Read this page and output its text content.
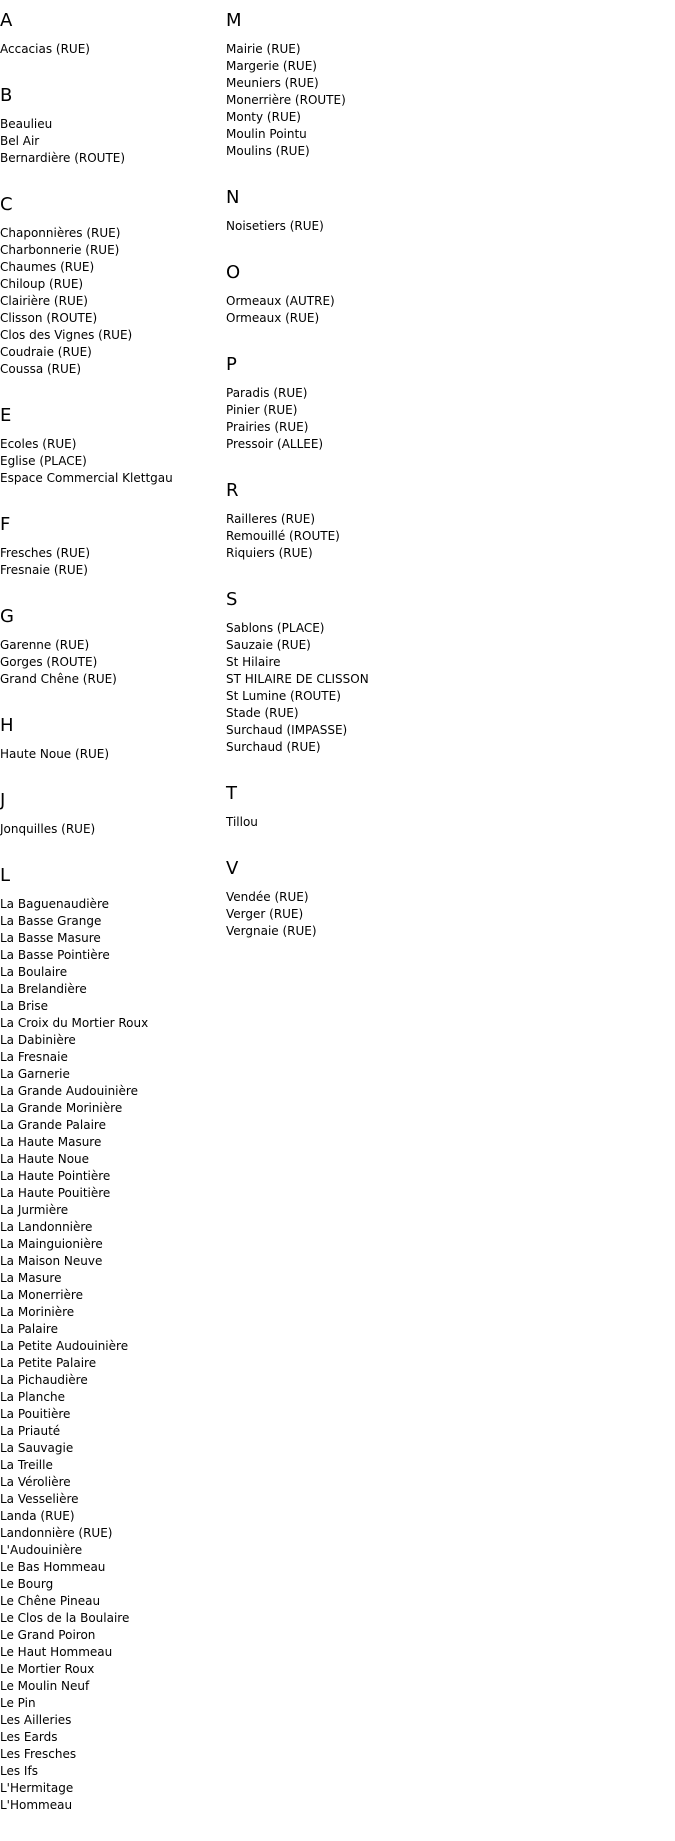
A
Accacias (RUE)
B
Beaulieu
Bel Air
Bernardière (ROUTE)
C
Chaponnières (RUE)
Charbonnerie (RUE)
Chaumes (RUE)
Chiloup (RUE)
Clairière (RUE)
Clisson (ROUTE)
Clos des Vignes (RUE)
Coudraie (RUE)
Coussa (RUE)
E
Ecoles (RUE)
Eglise (PLACE)
Espace Commercial Klettgau
F
Fresches (RUE)
Fresnaie (RUE)
G
Garenne (RUE)
Gorges (ROUTE)
Grand Chêne (RUE)
H
Haute Noue (RUE)
J
Jonquilles (RUE)
L
La Baguenaudière
La Basse Grange
La Basse Masure
La Basse Pointière
La Boulaire
La Brelandière
La Brise
La Croix du Mortier Roux
La Dabinière
La Fresnaie
La Garnerie
La Grande Audouinière
La Grande Morinière
La Grande Palaire
La Haute Masure
La Haute Noue
La Haute Pointière
La Haute Pouitière
La Jurmière
La Landonnière
La Mainguionière
La Maison Neuve
La Masure
La Monerrière
La Morinière
La Palaire
La Petite Audouinière
La Petite Palaire
La Pichaudière
La Planche
La Pouitière
La Priauté
La Sauvagie
La Treille
La Vérolière
La Vesselière
Landa (RUE)
Landonnière (RUE)
L'Audouinière
Le Bas Hommeau
Le Bourg
Le Chêne Pineau
Le Clos de la Boulaire
Le Grand Poiron
Le Haut Hommeau
Le Mortier Roux
Le Moulin Neuf
Le Pin
Les Ailleries
Les Eards
Les Fresches
Les Ifs
L'Hermitage
L'Hommeau
M
Mairie (RUE)
Margerie (RUE)
Meuniers (RUE)
Monerrière (ROUTE)
Monty (RUE)
Moulin Pointu
Moulins (RUE)
N
Noisetiers (RUE)
O
Ormeaux (AUTRE)
Ormeaux (RUE)
P
Paradis (RUE)
Pinier (RUE)
Prairies (RUE)
Pressoir (ALLEE)
R
Railleres (RUE)
Remouillé (ROUTE)
Riquiers (RUE)
S
Sablons (PLACE)
Sauzaie (RUE)
St Hilaire
ST HILAIRE DE CLISSON
St Lumine (ROUTE)
Stade (RUE)
Surchaud (IMPASSE)
Surchaud (RUE)
T
Tillou
V
Vendée (RUE)
Verger (RUE)
Vergnaie (RUE)
